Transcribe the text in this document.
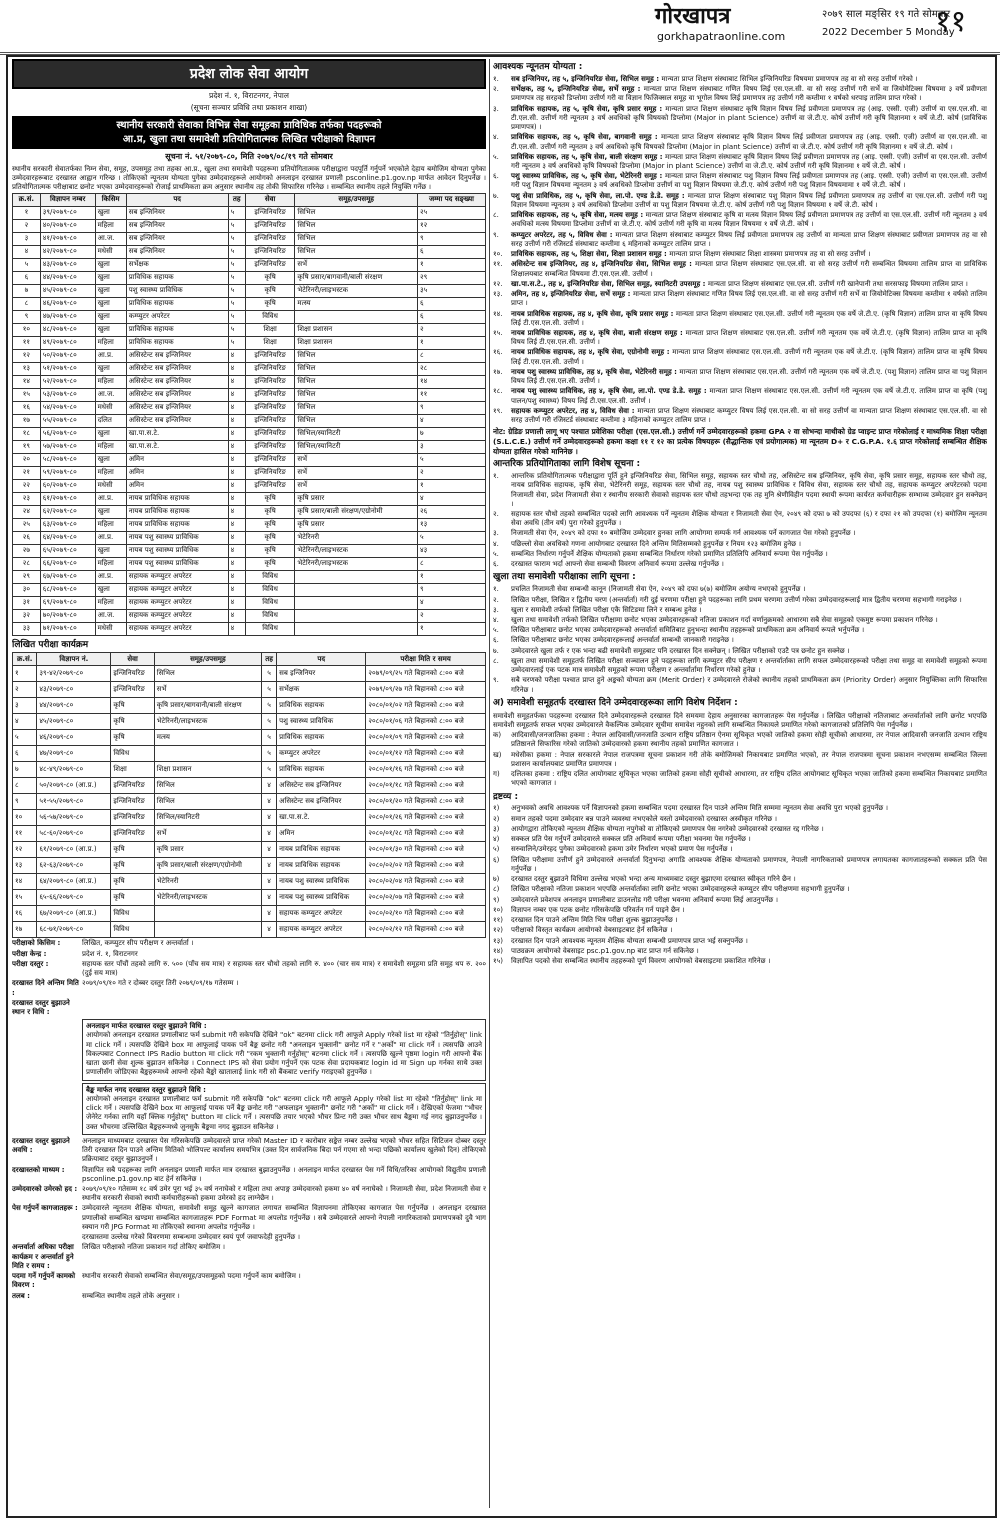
गोरखापत्र
gorkhapatraonline.com
२०७९ साल मङ्सिर १९ गते सोमबार
2022 December 5 Monday
११
प्रदेश लोक सेवा आयोग
प्रदेश नं. १, विराटनगर, नेपाल
(सूचना सञ्चार प्रविधि तथा प्रकाशन शाखा)
स्थानीय सरकारी सेवाका विभिन्न सेवा समूहका प्राविधिक तर्फका पदहरूको
आ.प्र, खुला तथा समावेशी प्रतियोगितात्मक लिखित परीक्षाको विज्ञापन
सूचना नं. ५१/२०७९-८०, मिति २०७९/०८/१९ गते सोमबार
स्थानीय सरकारी सेवातर्फका निम्न सेवा, समूह, उपसमूह तथा तहका आ.प्र., खुला तथा समावेशी पदहरूमा प्रतियोगितात्मक परीक्षाद्वारा पदपूर्ति गर्नुपर्ने भएकोले देहाय बमोजिम योग्यता पुगेका उम्मेदवारहरूबाट दरखास्त आह्वान गरिन्छ । तोकिएको न्यूनतम योग्यता पुगेका उम्मेदवारहरूले आयोगको अनलाइन दरखास्त प्रणाली psconline.p1.gov.np मार्फत आवेदन दिनुपर्नेछ । प्रतियोगितात्मक परीक्षाबाट छनोट भएका उम्मेदवारहरूको रोजाई प्राथमिकता क्रम अनुसार स्थानीय तह तोकी सिफारिस गरिनेछ । सम्बन्धित स्थानीय तहले नियुक्ति गर्नेछ ।
क्र.सं.	विज्ञापन नम्बर	किसिम	पद	तह	सेवा	समूह/उपसमूह	जम्मा पद सङ्ख्या
१	३९/२०७९-८०	खुला	सब इन्जिनियर	५	इन्जिनियरिङ	सिभिल	२५
२	४०/२०७९-८०	महिला	सब इन्जिनियर	५	इन्जिनियरिङ	सिभिल	१२
३	४१/२०७९-८०	आ.ज.	सब इन्जिनियर	५	इन्जिनियरिङ	सिभिल	९
४	४२/२०७९-८०	मधेसी	सब इन्जिनियर	५	इन्जिनियरिङ	सिभिल	६
५	४३/२०७९-८०	खुला	सर्भेक्षक	५	इन्जिनियरिङ	सर्भे	१
६	४४/२०७९-८०	खुला	प्राविधिक सहायक	५	कृषि	कृषि प्रसार/बागवानी/बाली संरक्षण	२९
७	४५/२०७९-८०	खुला	पशु स्वास्थ्य प्राविधिक	५	कृषि	भेटेरिनरी/लाइभस्टक	३५
८	४६/२०७९-८०	खुला	प्राविधिक सहायक	५	कृषि	मत्स्य	६
९	४७/२०७९-८०	खुला	कम्प्युटर अपरेटर	५	विविध		६
१०	४८/२०७९-८०	खुला	प्राविधिक सहायक	५	शिक्षा	शिक्षा प्रशासन	२
११	४९/२०७९-८०	महिला	प्राविधिक सहायक	५	शिक्षा	शिक्षा प्रशासन	१
१२	५०/२०७९-८०	आ.प्र.	असिस्टेन्ट सब इन्जिनियर	४	इन्जिनियरिङ	सिभिल	८
१३	५१/२०७९-८०	खुला	असिस्टेन्ट सब इन्जिनियर	४	इन्जिनियरिङ	सिभिल	२८
१४	५२/२०७९-८०	महिला	असिस्टेन्ट सब इन्जिनियर	४	इन्जिनियरिङ	सिभिल	१४
१५	५३/२०७९-८०	आ.ज.	असिस्टेन्ट सब इन्जिनियर	४	इन्जिनियरिङ	सिभिल	११
१६	५४/२०७९-८०	मधेसी	असिस्टेन्ट सब इन्जिनियर	४	इन्जिनियरिङ	सिभिल	९
१७	५५/२०७९-८०	दलित	असिस्टेन्ट सब इन्जिनियर	४	इन्जिनियरिङ	सिभिल	४
१८	५६/२०७९-८०	खुला	खा.पा.स.टे.	४	इन्जिनियरिङ	सिभिल/स्यानिटरी	७
१९	५७/२०७९-८०	महिला	खा.पा.स.टे.	४	इन्जिनियरिङ	सिभिल/स्यानिटरी	३
२०	५८/२०७९-८०	खुला	अमिन	४	इन्जिनियरिङ	सर्भे	५
२१	५९/२०७९-८०	महिला	अमिन	४	इन्जिनियरिङ	सर्भे	२
२२	६०/२०७९-८०	मधेसी	अमिन	४	इन्जिनियरिङ	सर्भे	१
२३	६१/२०७९-८०	आ.प्र.	नायब प्राविधिक सहायक	४	कृषि	कृषि प्रसार	४
२४	६२/२०७९-८०	खुला	नायब प्राविधिक सहायक	४	कृषि	कृषि प्रसार/बाली संरक्षण/एग्रोनोमी	२६
२५	६३/२०७९-८०	महिला	नायब प्राविधिक सहायक	४	कृषि	कृषि प्रसार	१३
२६	६४/२०७९-८०	आ.प्र.	नायब पशु स्वास्थ्य प्राविधिक	४	कृषि	भेटेरिनरी	५
२७	६५/२०७९-८०	खुला	नायब पशु स्वास्थ्य प्राविधिक	४	कृषि	भेटेरिनरी/लाइभस्टक	४३
२८	६६/२०७९-८०	महिला	नायब पशु स्वास्थ्य प्राविधिक	४	कृषि	भेटेरिनरी/लाइभस्टक	८
२९	६७/२०७९-८०	आ.प्र.	सहायक कम्प्युटर अपरेटर	४	विविध		१
३०	६८/२०७९-८०	खुला	सहायक कम्प्युटर अपरेटर	४	विविध		९
३१	६९/२०७९-८०	महिला	सहायक कम्प्युटर अपरेटर	४	विविध		४
३२	७०/२०७९-८०	आ.ज.	सहायक कम्प्युटर अपरेटर	४	विविध		२
३३	७१/२०७९-८०	मधेसी	सहायक कम्प्युटर अपरेटर	४	विविध		१
लिखित परीक्षा कार्यक्रम
क्र.सं.	विज्ञापन नं.	सेवा	समूह/उपसमूह	तह	पद	परीक्षा मिति र समय
१	३९-४२/२०७९-८०	इन्जिनियरिङ	सिभिल	५	सब इन्जिनियर	२०७९/०९/२५ गते बिहानको ८:०० बजे
२	४३/२०७९-८०	इन्जिनियरिङ	सर्भे	५	सर्भेक्षक	२०७९/०९/२७ गते बिहानको ८:०० बजे
३	४४/२०७९-८०	कृषि	कृषि प्रसार/बागवानी/बाली संरक्षण	५	प्राविधिक सहायक	२०८०/०१/०२ गते बिहानको ८:०० बजे
४	४५/२०७९-८०	कृषि	भेटेरिनरी/लाइभस्टक	५	पशु स्वास्थ्य प्राविधिक	२०८०/०१/०६ गते बिहानको ८:०० बजे
५	४६/२०७९-८०	कृषि	मत्स्य	५	प्राविधिक सहायक	२०८०/०१/०९ गते बिहानको ८:०० बजे
६	४७/२०७९-८०	विविध		५	कम्प्युटर अपरेटर	२०८०/०१/१२ गते बिहानको ८:०० बजे
७	४८-४९/२०७९-८०	शिक्षा	शिक्षा प्रशासन	५	प्राविधिक सहायक	२०८०/०१/१६ गते बिहानको ८:०० बजे
८	५०/२०७९-८० (आ.प्र.)	इन्जिनियरिङ	सिभिल	४	असिस्टेन्ट सब इन्जिनियर	२०८०/०१/१८ गते बिहानको ८:०० बजे
९	५१-५५/२०७९-८०	इन्जिनियरिङ	सिभिल	४	असिस्टेन्ट सब इन्जिनियर	२०८०/०१/२० गते बिहानको ८:०० बजे
१०	५६-५७/२०७९-८०	इन्जिनियरिङ	सिभिल/स्यानिटरी	४	खा.पा.स.टे.	२०८०/०१/२६ गते बिहानको ८:०० बजे
११	५८-६०/२०७९-८०	इन्जिनियरिङ	सर्भे	४	अमिन	२०८०/०१/२८ गते बिहानको ८:०० बजे
१२	६१/२०७९-८० (आ.प्र.)	कृषि	कृषि प्रसार	४	नायब प्राविधिक सहायक	२०८०/०१/३० गते बिहानको ८:०० बजे
१३	६२-६३/२०७९-८०	कृषि	कृषि प्रसार/बाली संरक्षण/एग्रोनोमी	४	नायब प्राविधिक सहायक	२०८०/०२/०२ गते बिहानको ८:०० बजे
१४	६४/२०७९-८० (आ.प्र.)	कृषि	भेटेरिनरी	४	नायब पशु स्वास्थ्य प्राविधिक	२०८०/०२/०४ गते बिहानको ८:०० बजे
१५	६५-६६/२०७९-८०	कृषि	भेटेरिनरी/लाइभस्टक	४	नायब पशु स्वास्थ्य प्राविधिक	२०८०/०२/०७ गते बिहानको ८:०० बजे
१६	६७/२०७९-८० (आ.प्र.)	विविध		४	सहायक कम्प्युटर अपरेटर	२०८०/०२/१० गते बिहानको ८:०० बजे
१७	६८-७१/२०७९-८०	विविध		४	सहायक कम्प्युटर अपरेटर	२०८०/०२/१२ गते बिहानको ८:०० बजे
परीक्षाको किसिम :	लिखित, कम्प्युटर सीप परीक्षण र अन्तर्वार्ता ।
परीक्षा केन्द्र :	प्रदेश नं. १, विराटनगर
परीक्षा दस्तुर :	सहायक स्तर पाँचौं तहको लागि रु. ५०० (पाँच सय मात्र) र सहायक स्तर चौथो तहको लागि रु. ४०० (चार सय मात्र) र समावेशी समूहमा प्रति समूह थप रु. २०० (दुई सय मात्र)
दरखास्त दिने अन्तिम मिति :
२०७९/०९/१० गते र दोब्बर दस्तुर तिरी २०७९/०९/१७ गतेसम्म ।
दरखास्त दस्तुर बुझाउने स्थान र विधि :
अनलाइन मार्फत दरखास्त दस्तुर बुझाउने विधि :
आयोगको अनलाइन दरखास्त प्रणालीबाट फर्म submit गरी सकेपछि देखिने "ok" बटनमा click गरी आफूले Apply गरेको list मा रहेको "तिर्नुहोस्" link मा click गर्ने । त्यसपछि देखिने box मा आफूलाई पायक पर्ने बैङ्क छनोट गरी "अनलाइन भुक्तानी" छनोट गर्ने र "अर्को" मा click गर्ने । त्यसपछि आउने विकल्पबाट Connect IPS Radio button मा click गरी "रकम भुक्तानी गर्नुहोस्" बटनमा click गर्ने । त्यसपछि खुल्ने पृष्ठमा login गरी आफ्नो बैंक खाता छानी सेवा शुल्क बुझाउन सकिनेछ । Connect IPS को सेवा प्रयोग गर्नुपर्ने एक पटक सेवा प्रदायकबाट login id मा Sign up गर्नका साथै उक्त प्रणालीसँग जोडिएका बैङ्कहरूमध्ये आफ्नो रहेको बैङ्को खातालाई link गरी सो बैंकबाट verify गराइएको हुनुपर्नेछ ।
बैङ्क मार्फत नगद दरखास्त दस्तुर बुझाउने विधि :
आयोगको अनलाइन दरखास्त प्रणालीबाट फर्म submit गरी सकेपछि "ok" बटनमा click गरी आफूले Apply गरेको list मा रहेको "तिर्नुहोस्" link मा click गर्ने । त्यसपछि देखिने box मा आफूलाई पायक पर्ने बैङ्क छनोट गरी "अफलाइन भुक्तानी" छनोट गरी "अर्को" मा click गर्ने । देखिएको फेजमा "भौचर जेनेरेट गर्नका लागि यहाँ क्लिक गर्नुहोस्" button मा click गर्ने । त्यसपछि तयार भएको भौचर प्रिन्ट गरी उक्त भौचर साथ बैङ्कमा गई नगद बुझाउनुपर्नेछ । उक्त भौचरमा उल्लिखित बैङ्कहरूमध्ये जुनसुकै बैङ्कमा नगद बुझाउन सकिनेछ ।
दरखास्त दस्तुर बुझाउने अवधि :
अनलाइन माध्यमबाट दरखास्त पेस गरिसकेपछि उम्मेदवारले प्राप्त गरेको Master ID र कारोबार सङ्केत नम्बर उल्लेख भएको भौचर सहित सिटिजन दोब्बर दस्तुर तिरी दरखास्त दिन पाउने अन्तिम मितिको भोलिपल्ट कार्यालय समयभित्र (उक्त दिन सार्वजनिक बिदा पर्न गएमा सो भन्दा पछिको कार्यालय खुलेको दिन) तोकिएको प्रक्रियाबाट दस्तुर बुझाउनुपर्ने ।
दरखास्तको माध्यम :	विज्ञापित सबै पदहरूका लागि अनलाइन प्रणाली मार्फत मात्र दरखास्त बुझाउनुपर्नेछ । अनलाइन मार्फत दरखास्त पेस गर्ने विधि/तरिका आयोगको विद्युतीय प्रणाली psconline.p1.gov.np बाट हेर्न सकिनेछ ।
उम्मेदवारको उमेरको हद : २०७९/०९/१० गतेसम्म १८ वर्ष उमेर पूरा भई ३५ वर्ष ननाघेको र महिला तथा अपाङ्ग उम्मेदवारको हकमा ४० वर्ष ननाघेको । निजामती सेवा, प्रदेश निजामती सेवा र स्थानीय सरकारी सेवाको स्थायी कर्मचारीहरूको हकमा उमेरको हद लाग्नेछैन ।
पेस गर्नुपर्ने कागजातहरू : उम्मेदवारले न्यूनतम शैक्षिक योग्यता, समावेशी समूह खुल्ने कागजात लगायत सम्बन्धित विज्ञापनमा तोकिएका कागजात पेस गर्नुपर्नेछ । अनलाइन दरखास्त प्रणालीको सम्बन्धित खण्डमा सम्बन्धित कागजातहरू PDF Format मा अपलोड गर्नुपर्नेछ । सबै उम्मेदवारले आफ्नो नेपाली नागरिकताको प्रमाणपत्रको दुवै भाग स्क्यान गरी JPG Format मा तोकिएको स्थानमा अपलोड गर्नुपर्नेछ ।
दरखास्तमा उल्लेख गरेको विवरणमा सम्बन्धमा उम्मेदवार स्वयं पूर्ण जवाफदेही हुनुपर्नेछ ।
अन्तर्वार्ता अघिका परीक्षा कार्यक्रम र अन्तर्वार्ता हुने मिति र समय :
लिखित परीक्षाको नतिजा प्रकाशन गर्दा तोकिए बमोजिम ।
पदमा गर्ने गर्नुपर्ने कामको विवरण :
स्थानीय सरकारी सेवाको सम्बन्धित सेवा/समूह/उपसमूहको पदमा गर्नुपर्ने काम बमोजिम ।
तलब :	सम्बन्धित स्थानीय तहले तोके अनुसार ।
आवश्यक न्यूनतम योग्यता :
१.	सब इन्जिनियर, तह ५, इन्जिनियरिङ सेवा, सिभिल समूह : मान्यता प्राप्त शिक्षण संस्थाबाट सिभिल इन्जिनियरिङ विषयमा प्रमाणपत्र तह वा सो सरह उत्तीर्ण गरेको ।
२.	सर्भेक्षक, तह ५, इन्जिनियरिङ सेवा, सर्भे समूह : मान्यता प्राप्त शिक्षण संस्थाबाट गणित विषय लिई एस.एल.सी. वा सो सरह उत्तीर्ण गरी सर्भे वा जियोमेटिक्स विषयमा ३ वर्षे प्रवीणता प्रमाणपत्र तह सरहको डिप्लोमा उत्तीर्ण गरी वा विज्ञान फिजिक्सल समूह वा भूगोल विषय लिई प्रमाणपत्र तह उत्तीर्ण गरी कम्तीमा १ वर्षको धरपाइ तालिम प्राप्त गरेको ।
३.	प्राविधिक सहायक, तह ५, कृषि सेवा, कृषि प्रसार समूह : मान्यता प्राप्त शिक्षण संस्थाबाट कृषि विज्ञान विषय लिई प्रवीणता प्रमाणपत्र तह (आइ. एस्सी. एजी) उत्तीर्ण वा एस.एल.सी. वा टी.एल.सी. उत्तीर्ण गरी न्यूनतम ३ वर्ष अवधिको कृषि विषयको डिप्लोमा (Major in plant Science) उत्तीर्ण वा जे.टी.ए. कोर्ष उत्तीर्ण गरी कृषि विज्ञानमा १ वर्षे जे.टी. कोर्ष (प्राविधिक प्रमाणपत्र) ।
४.	प्राविधिक सहायक, तह ५, कृषि सेवा, बागवानी समूह : मान्यता प्राप्त शिक्षण संस्थाबाट कृषि विज्ञान विषय लिई प्रवीणता प्रमाणपत्र तह (आइ. एस्सी. एजी) उत्तीर्ण वा एस.एल.सी. वा टी.एल.सी. उत्तीर्ण गरी न्यूनतम ३ वर्ष अवधिको कृषि विषयको डिप्लोमा (Major in plant Science) उत्तीर्ण वा जे.टी.ए. कोर्ष उत्तीर्ण गरी कृषि विज्ञानमा १ वर्षे जे.टी. कोर्ष ।
५.	प्राविधिक सहायक, तह ५, कृषि सेवा, बाली संरक्षण समूह : मान्यता प्राप्त शिक्षण संस्थाबाट कृषि विज्ञान विषय लिई प्रवीणता प्रमाणपत्र तह (आइ. एस्सी. एजी) उत्तीर्ण वा एस.एल.सी. उत्तीर्ण गरी न्यूनतम ३ वर्ष अवधिको कृषि विषयको डिप्लोमा (Major in plant Science) उत्तीर्ण वा जे.टी.ए. कोर्ष उत्तीर्ण गरी कृषि विज्ञानमा १ वर्षे जे.टी. कोर्ष ।
६.	पशु स्वास्थ्य प्राविधिक, तह ५, कृषि सेवा, भेटेरिनरी समूह : मान्यता प्राप्त शिक्षण संस्थाबाट पशु विज्ञान विषय लिई प्रवीणता प्रमाणपत्र तह (आइ. एस्सी. एजी) उत्तीर्ण वा एस.एल.सी. उत्तीर्ण गरी पशु विज्ञान विषयमा न्यूनतम ३ वर्ष अवधिको डिप्लोमा उत्तीर्ण वा पशु विज्ञान विषयमा जे.टी.ए. कोर्ष उत्तीर्ण गरी पशु विज्ञान विषयमामा १ वर्षे जे.टी. कोर्ष ।
७.	पशु सेवा प्राविधिक, तह ५, कृषि सेवा, ला.पो. एण्ड डे.डे. समूह : मान्यता प्राप्त शिक्षण संस्थाबाट पशु विज्ञान विषय लिई प्रवीणता प्रमाणपत्र तह उत्तीर्ण वा एस.एल.सी. उत्तीर्ण गरी पशु विज्ञान विषयमा न्यूनतम ३ वर्ष अवधिको डिप्लोमा उत्तीर्ण वा पशु विज्ञान विषयमा जे.टी.ए. कोर्ष उत्तीर्ण गरी पशु विज्ञान विषयमा १ वर्षे जे.टी. कोर्ष ।
८.	प्राविधिक सहायक, तह ५, कृषि सेवा, मत्स्य समूह : मान्यता प्राप्त शिक्षण संस्थाबाट कृषि वा मत्स्य विज्ञान विषय लिई प्रवीणता प्रमाणपत्र तह उत्तीर्ण वा एस.एल.सी. उत्तीर्ण गरी न्यूनतम ३ वर्ष अवधिको मत्स्य विषयमा डिप्लोमा उत्तीर्ण वा जे.टी.ए. कोर्ष उत्तीर्ण गरी कृषि वा मत्स्य विज्ञान विषयमा १ वर्षे जे.टी. कोर्ष ।
९.	कम्प्युटर अपरेटर, तह ५, विविध सेवा : मान्यता प्राप्त शिक्षण संस्थाबाट कम्प्युटर विषय लिई प्रवीणता प्रमाणपत्र तह उत्तीर्ण वा मान्यता प्राप्त शिक्षण संस्थाबाट प्रवीणता प्रमाणपत्र तह वा सो सरह उत्तीर्ण गरी रजिस्टर्ड संस्थाबाट कम्तीमा ६ महिनाको कम्प्युटर तालिम प्राप्त ।
१०.	प्राविधिक सहायक, तह ५, शिक्षा सेवा, शिक्षा प्रशासन समूह : मान्यता प्राप्त शिक्षण संस्थाबाट शिक्षा शास्त्रमा प्रमाणपत्र तह वा सो सरह उत्तीर्ण ।
११.	असिस्टेन्ट सब इन्जिनियर, तह ४, इन्जिनियरिङ सेवा, सिभिल समूह : मान्यता प्राप्त शिक्षण संस्थाबाट एस.एल.सी. वा सो सरह उत्तीर्ण गरी सम्बन्धित विषयमा तालिम प्राप्त वा प्राविधिक शिक्षालयबाट सम्बन्धित विषयमा टी.एस.एल.सी. उत्तीर्ण ।
१२.	खा.पा.स.टे., तह ४, इन्जिनियरिङ सेवा, सिभिल समूह, स्यानिटरी उपसमूह : मान्यता प्राप्त शिक्षण संस्थाबाट एस.एल.सी. उत्तीर्ण गरी खानेपानी तथा सरसफाइ विषयमा तालिम प्राप्त ।
१३.	अमिन, तह ४, इन्जिनियरिङ सेवा, सर्भे समूह : मान्यता प्राप्त शिक्षण संस्थाबाट गणित विषय लिई एस.एल.सी. वा सो सरह उत्तीर्ण गरी सर्भे वा जियोमेटिक्स विषयमा कम्तीमा १ वर्षको तालिम प्राप्त ।
१४.	नायब प्राविधिक सहायक, तह ४, कृषि सेवा, कृषि प्रसार समूह : मान्यता प्राप्त शिक्षण संस्थाबाट एस.एल.सी. उत्तीर्ण गरी न्यूनतम एक वर्षे जे.टी.ए. (कृषि विज्ञान) तालिम प्राप्त वा कृषि विषय लिई टी.एस.एल.सी. उत्तीर्ण ।
१५.	नायब प्राविधिक सहायक, तह ४, कृषि सेवा, बाली संरक्षण समूह : मान्यता प्राप्त शिक्षण संस्थाबाट एस.एल.सी. उत्तीर्ण गरी न्यूनतम एक वर्षे जे.टी.ए. (कृषि विज्ञान) तालिम प्राप्त वा कृषि विषय लिई टी.एस.एल.सी. उत्तीर्ण ।
१६.	नायब प्राविधिक सहायक, तह ४, कृषि सेवा, एग्रोनोमी समूह : मान्यता प्राप्त शिक्षण संस्थाबाट एस.एल.सी. उत्तीर्ण गरी न्यूनतम एक वर्षे जे.टी.ए. (कृषि विज्ञान) तालिम प्राप्त वा कृषि विषय लिई टी.एस.एल.सी. उत्तीर्ण ।
१७.	नायब पशु स्वास्थ्य प्राविधिक, तह ४, कृषि सेवा, भेटेरिनरी समूह : मान्यता प्राप्त शिक्षण संस्थाबाट एस.एल.सी. उत्तीर्ण गरी न्यूनतम एक वर्षे जे.टी.ए. (पशु विज्ञान) तालिम प्राप्त वा पशु विज्ञान विषय लिई टी.एस.एल.सी. उत्तीर्ण ।
१८.	नायब पशु स्वास्थ्य प्राविधिक, तह ४, कृषि सेवा, ला.पो. एण्ड डे.डे. समूह : मान्यता प्राप्त शिक्षण संस्थाबाट एस.एल.सी. उत्तीर्ण गरी न्यूनतम एक वर्षे जे.टी.ए. तालिम प्राप्त वा कृषि (पशु पालन/पशु स्वास्थ्य) विषय लिई टी.एस.एल.सी. उत्तीर्ण ।
१९.	सहायक कम्प्युटर अपरेटर, तह ४, विविध सेवा : मान्यता प्राप्त शिक्षण संस्थाबाट कम्प्युटर विषय लिई एस.एल.सी. वा सो सरह उत्तीर्ण वा मान्यता प्राप्त शिक्षण संस्थाबाट एस.एल.सी. वा सो सरह उत्तीर्ण गरी रजिस्टर्ड संस्थाबाट कम्तीमा ३ महिनाको कम्प्युटर तालिम प्राप्त ।
नोट: ग्रेडिङ प्रणाली लागू भए पश्चात प्रवेशिका परीक्षा (एस.एल.सी.) उत्तीर्ण गर्ने उम्मेदवारहरूको हकमा GPA २ वा सोभन्दा माथीको ग्रेड प्वाइन्ट प्राप्त गरेकोलाई र माध्यमिक शिक्षा परीक्षा (S.L.C.E.) उत्तीर्ण गर्ने उम्मेदवारहरूको हकमा कक्षा ११ र १२ का प्रत्येक विषयहरू (सैद्धान्तिक एवं प्रयोगात्मक) मा न्यूनतम D+ र C.G.P.A. १.६ प्राप्त गरेकोलाई सम्बन्धित शैक्षिक योग्यता हासिल गरेको मानिनेछ ।
आन्तरिक प्रतियोगिताका लागि विशेष सूचना :
१.	आन्तरिक प्रतियोगितात्मक परीक्षाद्वारा पूर्ति हुने इन्जिनियरिङ सेवा, सिभिल समूह, सहायक स्तर चौथो तह, असिस्टेन्ट सब इन्जिनियर, कृषि सेवा, कृषि प्रसार समूह, सहायक स्तर चौथो तह, नायब प्राविधिक सहायक, कृषि सेवा, भेटेरिनरी समूह, सहायक स्तर चौथो तह, नायब पशु स्वास्थ्य प्राविधिक र विविध सेवा, सहायक स्तर चौथो तह, सहायक कम्प्युटर अपरेटरको पदमा निजामती सेवा, प्रदेश निजामती सेवा र स्थानीय सरकारी सेवाको सहायक स्तर चौथो तहभन्दा एक तह मुनि श्रेणीविहीन पदमा स्थायी रूपमा कार्यरत कर्मचारीहरू सम्भाव्य उम्मेदवार हुन सक्नेछन् ।
२.	सहायक स्तर चौथो तहको सम्बन्धित पदको लागि आवश्यक पर्ने न्यूनतम शैक्षिक योग्यता र निजामती सेवा ऐन, २०४९ को दफा ७ को उपदफा (६) र दफा २१ को उपदफा (१) बमोजिम न्यूनतम सेवा अवधि (तीन वर्ष) पुरा गरेको हुनुपर्नेछ ।
३.	निजामती सेवा ऐन, २०४९ को दफा १० बमोजिम उम्मेदवार हुनका लागि आयोगमा सम्पर्क गर्न आवश्यक पर्ने कागजात पेस गरेको हुनुपर्नेछ ।
४.	पछिल्लो सेवा अवधिको गणना आयोगबाट दरखास्त दिने अन्तिम मितिसम्मको हुनुपर्नेछ र नियम १२३ बमोजिम हुनेछ ।
५.	सम्बन्धित निर्धारण गर्नुपर्ने शैक्षिक योग्यताको हकमा सम्बन्धित निर्धारण गरेको प्रमाणित प्रतिलिपि अनिवार्य रूपमा पेस गर्नुपर्नेछ ।
६.	दरखास्त फाराम भर्दा आफ्नो सेवा सम्बन्धी विवरण अनिवार्य रूपमा उल्लेख गर्नुपर्नेछ ।
खुला तथा समावेशी परीक्षाका लागि सूचना :
१.	प्रचलित निजामती सेवा सम्बन्धी कानून (निजामती सेवा ऐन, २०४९ को दफा ७(७) बमोजिम अयोग्य नभएको हुनुपर्नेछ ।
२.	लिखित परीक्षा, लिखित र द्वितीय चरण (अन्तर्वार्ता) गरी दुई चरणमा परीक्षा हुने पदहरूका लागि प्रथम चरणमा उत्तीर्ण गरेका उम्मेदवारहरूलाई मात्र द्वितीय चरणमा सहभागी गराइनेछ ।
३.	खुला र समावेशी तर्फको लिखित परीक्षा एकै सिटिङमा लिने र सम्बन्ध हुनेछ ।
४.	खुला तथा समावेशी तर्फको लिखित परीक्षामा छनोट भएका उम्मेदवारहरूको नतिजा प्रकाशन गर्दा वर्णानुक्रमको आधारमा सबै सेवा समूहको एकमुष्ट रूपमा प्रकाशन गरिनेछ ।
५.	लिखित परीक्षाबाट छनोट भएका उम्मेदवारहरूको अन्तर्वार्ता समितिबाट हुनुभन्दा स्थानीय तहहरूको प्राथमिकता क्रम अनिवार्य रूपले भर्नुपर्नेछ ।
६.	लिखित परीक्षाबाट छनोट भएका उम्मेदवारहरूलाई अन्तर्वार्ता सम्बन्धी जानकारी गराइनेछ ।
७.	उम्मेदवारले खुला तर्फ र एक भन्दा बढी समावेशी समूहबाट पनि दरखास्त दिन सक्नेछन् । लिखित परीक्षाको एउटै पत्र छनोट हुन सक्नेछ ।
८.	खुला तथा समावेशी समूहतर्फ लिखित परीक्षा सञ्चालन हुने पदहरूका लागि कम्प्युटर सीप परीक्षण र अन्तर्वार्ताका लागि सफल उम्मेदवारहरूको परीक्षा तथा समूह वा समावेशी समूहको रूपमा उम्मेदवारलाई एक पटक मात्र समावेशी समूहको रूपमा परीक्षण र अन्तर्वार्तामा निर्धारण गरेको हुनेछ ।
९.	सबै चरणको परीक्षा पश्चात प्राप्त हुने अङ्कको योग्यता क्रम (Merit Order) र उम्मेदवारले रोजेको स्थानीय तहको प्राथमिकता क्रम (Priority Order) अनुसार नियुक्तिका लागि सिफारिस गरिनेछ ।
अ) समावेशी समूहतर्फ दरखास्त दिने उम्मेदवारहरूका लागि विशेष निर्देशन :
समावेशी समूहतर्फका पदहरूमा दरखास्त दिने उम्मेदवारहरूले दरखास्त दिने समयमा देहाय अनुसारका कागजातहरू पेस गर्नुपर्नेछ । लिखित परीक्षाको नतिजाबाट अन्तर्वार्ताको लागि छनोट भएपछि समावेशी समूहतर्फ सफल भएका उम्मेदवारले वैकल्पिक उम्मेदवार सूचीमा समावेश नहुनको लागि सम्बन्धित निकायले प्रमाणित गरेको कागजातको प्रतिलिपि पेस गर्नुपर्नेछ ।
क)	आदिवासी/जनजातिका हकमा : नेपाल आदिवासी/जनजाति उत्थान राष्ट्रिय प्रतिष्ठान ऐनमा सूचिकृत भएको जातिको हकमा सोही सूचीको आधारमा, तर नेपाल आदिवासी जनजाति उत्थान राष्ट्रिय प्रतिष्ठानले सिफारिस गरेको जातिको उम्मेदवारको हकमा स्थानीय तहको प्रमाणित कागजात ।
ख)	मधेसीका हकमा : नेपाल सरकारले नेपाल राजपत्रमा सूचना प्रकाशन गरी तोके बमोजिमको निकायबाट प्रमाणित भएको, तर नेपाल राजपत्रमा सूचना प्रकाशन नभएसम्म सम्बन्धित जिल्ला प्रशासन कार्यालयबाट प्रमाणित प्रमाणपत्र ।
ग)	दलितका हकमा : राष्ट्रिय दलित आयोगबाट सूचिकृत भएका जातिको हकमा सोही सूचीको आधारमा, तर राष्ट्रिय दलित आयोगबाट सूचिकृत भएका जातिको हकमा सम्बन्धित निकायबाट प्रमाणित भएको कागजात ।
द्रष्टव्य :
१)	अनुभवको अवधि आवश्यक पर्ने विज्ञापनको हकमा सम्बन्धित पदमा दरखास्त दिन पाउने अन्तिम मिति सम्ममा न्यूनतम सेवा अवधि पुरा भएको हुनुपर्नेछ ।
२)	समान तहको पदमा उम्मेदवार बन्न पाउने व्यवस्था नभएकोले यस्तो उम्मेदवारको दरखास्त अस्वीकृत गरिनेछ ।
३)	आयोगद्वारा तोकिएको न्यूनतम शैक्षिक योग्यता नपुगेको वा तोकिएको प्रमाणपत्र पेस नगरेको उम्मेदवारको दरखास्त रद्द गरिनेछ ।
४)	सक्कल प्रति पेस गर्नुपर्ने उम्मेदवारले सक्कल प्रति अनिवार्य रूपमा परीक्षा भवनमा पेस गर्नुपर्नेछ ।
५)	सरुवालिने/उमेरहद पुगेका उम्मेदवारको हकमा उमेर निर्धारण भएको प्रमाण पेस गर्नुपर्नेछ ।
६)	लिखित परीक्षामा उत्तीर्ण हुने उम्मेदवारले अन्तर्वार्ता दिनुभन्दा अगाडि आवश्यक शैक्षिक योग्यताको प्रमाणपत्र, नेपाली नागरिकताको प्रमाणपत्र लगायतका कागजातहरूको सक्कल प्रति पेस गर्नुपर्नेछ ।
७)	दरखास्त दस्तुर बुझाउने विधिमा उल्लेख भएको भन्दा अन्य माध्यमबाट दस्तुर बुझाएमा दरखास्त स्वीकृत गरिने छैन ।
८)	लिखित परीक्षाको नतिजा प्रकाशन भएपछि अन्तर्वार्ताका लागि छनोट भएका उम्मेदवारहरूले कम्प्युटर सीप परीक्षणमा सहभागी हुनुपर्नेछ ।
९)	उम्मेदवारले प्रवेशपत्र अनलाइन प्रणालीबाट डाउनलोड गरी परीक्षा भवनमा अनिवार्य रूपमा लिई आउनुपर्नेछ ।
१०)	विज्ञापन नम्बर एक पटक छनोट गरिसकेपछि परिवर्तन गर्न पाइने छैन ।
११)	दरखास्त दिन पाउने अन्तिम मिति भित्र परीक्षा शुल्क बुझाउनुपर्नेछ ।
१२)	परीक्षाको विस्तृत कार्यक्रम आयोगको वेबसाइटबाट हेर्न सकिनेछ ।
१३)	दरखास्त दिन पाउने आवश्यक न्यूनतम शैक्षिक योग्यता सम्बन्धी प्रमाणपत्र प्राप्त भई सक्नुपर्नेछ ।
१४)	पाठ्यक्रम आयोगको वेबसाइट psc.p1.gov.np बाट प्राप्त गर्न सकिनेछ ।
१५)	विज्ञापित पदको सेवा सम्बन्धित स्थानीय तहहरूको पूर्ण विवरण आयोगको वेबसाइटमा प्रकाशित गरिनेछ ।
